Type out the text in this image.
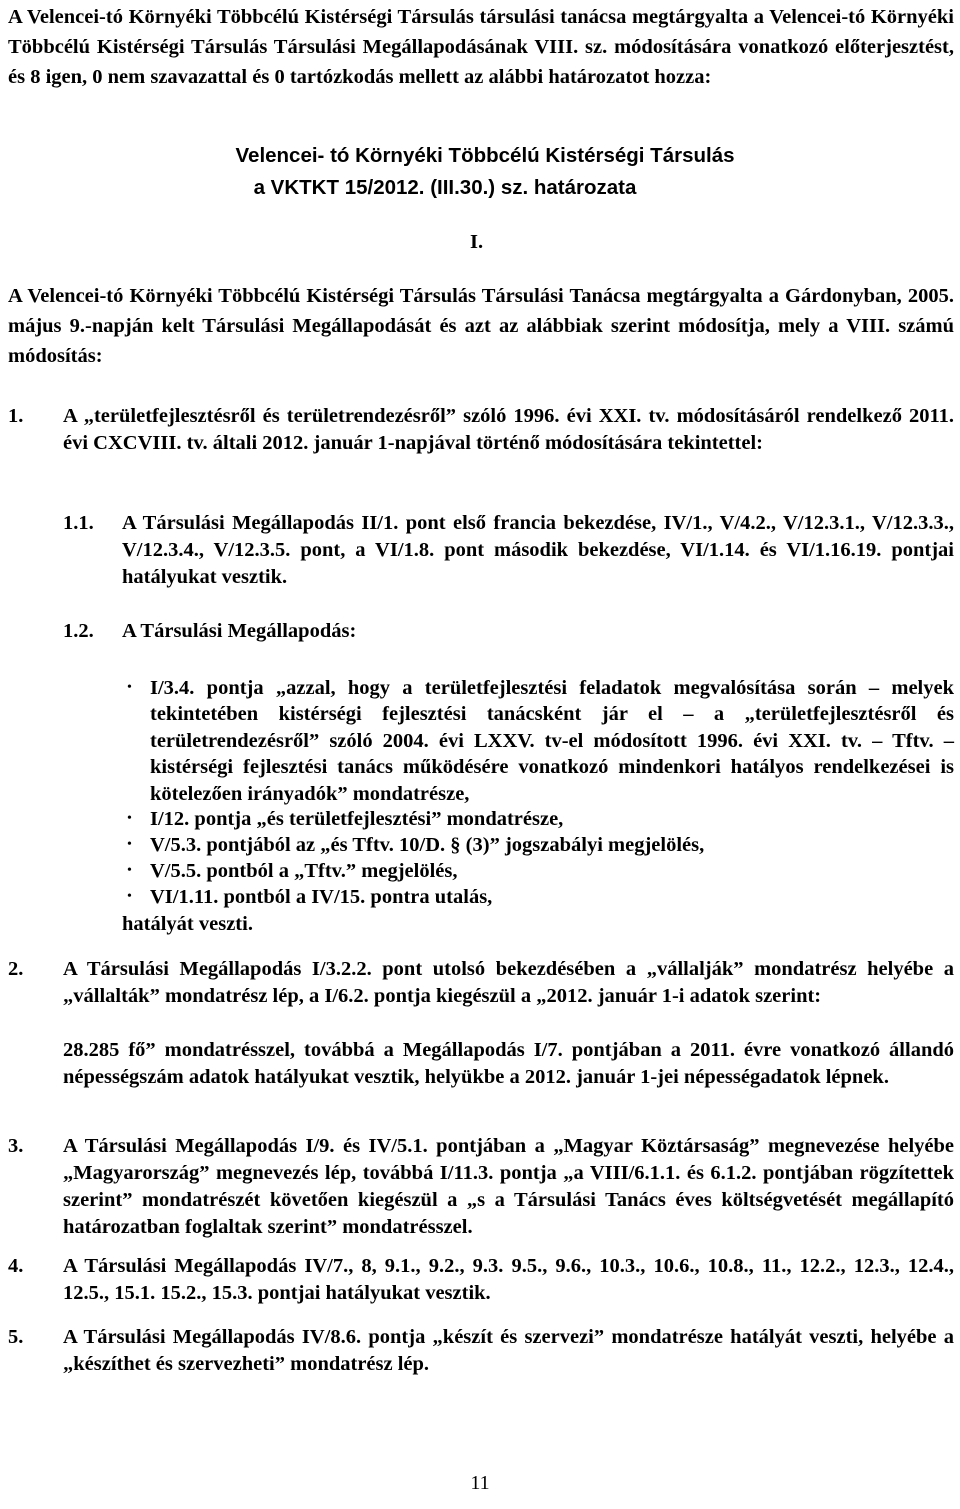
A Velencei-tó Környéki Többcélú Kistérségi Társulás társulási tanácsa megtárgyalta a Velencei-tó Környéki Többcélú Kistérségi Társulás Társulási Megállapodásának VIII. sz. módosítására vonatkozó előterjesztést, és 8 igen, 0 nem szavazattal és 0 tartózkodás mellett az alábbi határozatot hozza:

Velencei- tó Környéki Többcélú Kistérségi Társulás
a VKTKT 15/2012. (III.30.) sz. határozata
I.

A Velencei-tó Környéki Többcélú Kistérségi Társulás Társulási Tanácsa megtárgyalta a Gárdonyban, 2005. május 9.-napján kelt Társulási Megállapodását és azt az alábbiak szerint módosítja, mely a VIII. számú módosítás:

1. A „területfejlesztésről és területrendezésről” szóló 1996. évi XXI. tv. módosításáról rendelkező 2011. évi CXCVIII. tv. általi 2012. január 1-napjával történő módosítására tekintettel:

1.1. A Társulási Megállapodás II/1. pont első francia bekezdése, IV/1., V/4.2., V/12.3.1., V/12.3.3., V/12.3.4., V/12.3.5. pont, a VI/1.8. pont második bekezdése, VI/1.14. és VI/1.16.19. pontjai hatályukat vesztik.

1.2. A Társulási Megállapodás:

• I/3.4. pontja „azzal, hogy a területfejlesztési feladatok megvalósítása során – melyek tekintetében kistérségi fejlesztési tanácsként jár el – a „területfejlesztésről és területrendezésről” szóló 2004. évi LXXV. tv-el módosított 1996. évi XXI. tv. – Tftv. – kistérségi fejlesztési tanács működésére vonatkozó mindenkori hatályos rendelkezései is kötelezően irányadók” mondatrésze,

• I/12. pontja „és területfejlesztési” mondatrésze,

• V/5.3. pontjából az „és Tftv. 10/D. § (3)” jogszabályi megjelölés,

• V/5.5. pontból a „Tftv.” megjelölés,

• VI/1.11. pontból a IV/15. pontra utalás,

hatályát veszti.

2. A Társulási Megállapodás I/3.2.2. pont utolsó bekezdésében a „vállalják” mondatrész helyébe a „vállalták” mondatrész lép, a I/6.2. pontja kiegészül a „2012. január 1-i adatok szerint:

28.285 fő” mondatrésszel, továbbá a Megállapodás I/7. pontjában a 2011. évre vonatkozó állandó népességszám adatok hatályukat vesztik, helyükbe a 2012. január 1-jei népességadatok lépnek.

3. A Társulási Megállapodás I/9. és IV/5.1. pontjában a „Magyar Köztársaság” megnevezése helyébe „Magyarország” megnevezés lép, továbbá I/11.3. pontja „a VIII/6.1.1. és 6.1.2. pontjában rögzítettek szerint” mondatrészét követően kiegészül a „s a Társulási Tanács éves költségvetését megállapító határozatban foglaltak szerint” mondatrésszel.

4. A Társulási Megállapodás IV/7., 8, 9.1., 9.2., 9.3. 9.5., 9.6., 10.3., 10.6., 10.8., 11., 12.2., 12.3., 12.4., 12.5., 15.1. 15.2., 15.3. pontjai hatályukat vesztik.

5. A Társulási Megállapodás IV/8.6. pontja „készít és szervezi” mondatrésze hatályát veszti, helyébe a „készíthet és szervezheti” mondatrész lép.

11
